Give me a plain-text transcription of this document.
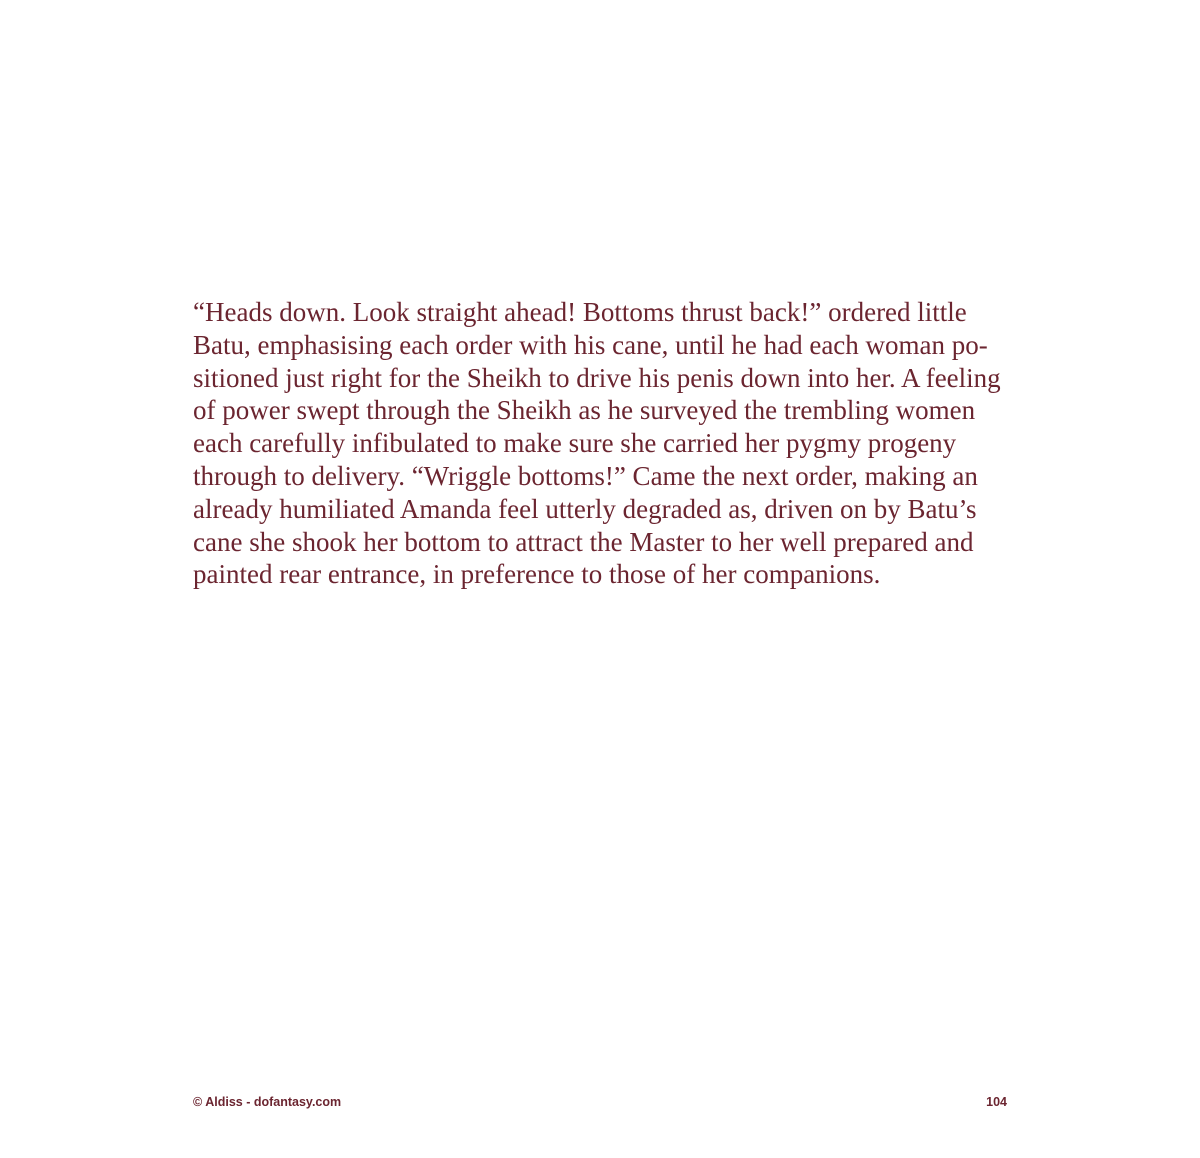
“Heads down. Look straight ahead! Bottoms thrust back!” ordered little
Batu, emphasising each order with his cane, until he had each woman po-
sitioned just right for the Sheikh to drive his penis down into her. A feeling
of power swept through the Sheikh as he surveyed the trembling women
each carefully infibulated to make sure she carried her pygmy progeny
through to delivery. “Wriggle bottoms!” Came the next order, making an
already humiliated Amanda feel utterly degraded as, driven on by Batu’s
cane she shook her bottom to attract the Master to her well prepared and
painted rear entrance, in preference to those of her companions.

© Aldiss - dofantasy.com	104
